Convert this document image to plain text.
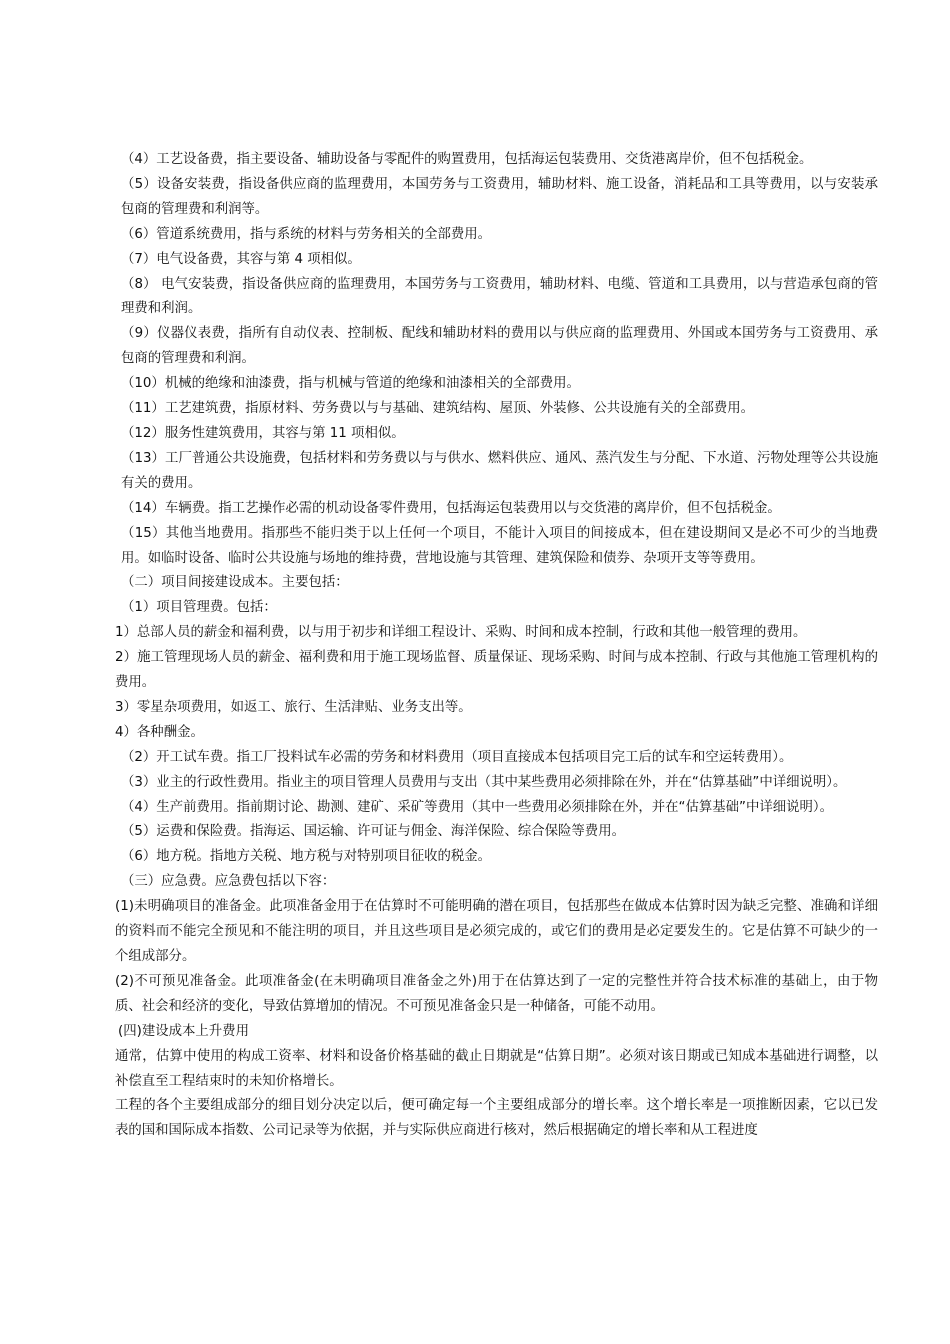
（4）工艺设备费，指主要设备、辅助设备与零配件的购置费用，包括海运包装费用、交货港离岸价，但不包括税金。

（5）设备安装费，指设备供应商的监理费用，本国劳务与工资费用，辅助材料、施工设备，消耗品和工具等费用，以与安装承包商的管理费和利润等。

（6）管道系统费用，指与系统的材料与劳务相关的全部费用。

（7）电气设备费，其容与第 4 项相似。

（8） 电气安装费，指设备供应商的监理费用，本国劳务与工资费用，辅助材料、电缆、管道和工具费用，以与营造承包商的管理费和利润。

（9）仪器仪表费，指所有自动仪表、控制板、配线和辅助材料的费用以与供应商的监理费用、外国或本国劳务与工资费用、承包商的管理费和利润。

（10）机械的绝缘和油漆费，指与机械与管道的绝缘和油漆相关的全部费用。

（11）工艺建筑费，指原材料、劳务费以与与基础、建筑结构、屋顶、外装修、公共设施有关的全部费用。

（12）服务性建筑费用，其容与第 11 项相似。

（13）工厂普通公共设施费，包括材料和劳务费以与与供水、燃料供应、通风、蒸汽发生与分配、下水道、污物处理等公共设施有关的费用。

（14）车辆费。指工艺操作必需的机动设备零件费用，包括海运包装费用以与交货港的离岸价，但不包括税金。

（15）其他当地费用。指那些不能归类于以上任何一个项目，不能计入项目的间接成本，但在建设期间又是必不可少的当地费用。如临时设备、临时公共设施与场地的维持费，营地设施与其管理、建筑保险和债券、杂项开支等等费用。

（二）项目间接建设成本。主要包括：

（1）项目管理费。包括：

1）总部人员的薪金和福利费，以与用于初步和详细工程设计、采购、时间和成本控制，行政和其他一般管理的费用。

2）施工管理现场人员的薪金、福利费和用于施工现场监督、质量保证、现场采购、时间与成本控制、行政与其他施工管理机构的费用。

3）零星杂项费用，如返工、旅行、生活津贴、业务支出等。

4）各种酬金。

（2）开工试车费。指工厂投料试车必需的劳务和材料费用（项目直接成本包括项目完工后的试车和空运转费用）。

（3）业主的行政性费用。指业主的项目管理人员费用与支出（其中某些费用必须排除在外，并在“估算基础”中详细说明）。

（4）生产前费用。指前期讨论、勘测、建矿、采矿等费用（其中一些费用必须排除在外，并在“估算基础”中详细说明）。

（5）运费和保险费。指海运、国运输、许可证与佣金、海洋保险、综合保险等费用。

（6）地方税。指地方关税、地方税与对特别项目征收的税金。

（三）应急费。应急费包括以下容：

(1)未明确项目的准备金。此项准备金用于在估算时不可能明确的潜在项目，包括那些在做成本估算时因为缺乏完整、准确和详细的资料而不能完全预见和不能注明的项目，并且这些项目是必须完成的，或它们的费用是必定要发生的。它是估算不可缺少的一个组成部分。

(2)不可预见准备金。此项准备金(在未明确项目准备金之外)用于在估算达到了一定的完整性并符合技术标准的基础上，由于物质、社会和经济的变化，导致估算增加的情况。不可预见准备金只是一种储备，可能不动用。

(四)建设成本上升费用

通常，估算中使用的构成工资率、材料和设备价格基础的截止日期就是“估算日期”。必须对该日期或已知成本基础进行调整，以补偿直至工程结束时的未知价格增长。

工程的各个主要组成部分的细目划分决定以后，便可确定每一个主要组成部分的增长率。这个增长率是一项推断因素，它以已发表的国和国际成本指数、公司记录等为依据，并与实际供应商进行核对，然后根据确定的增长率和从工程进度
